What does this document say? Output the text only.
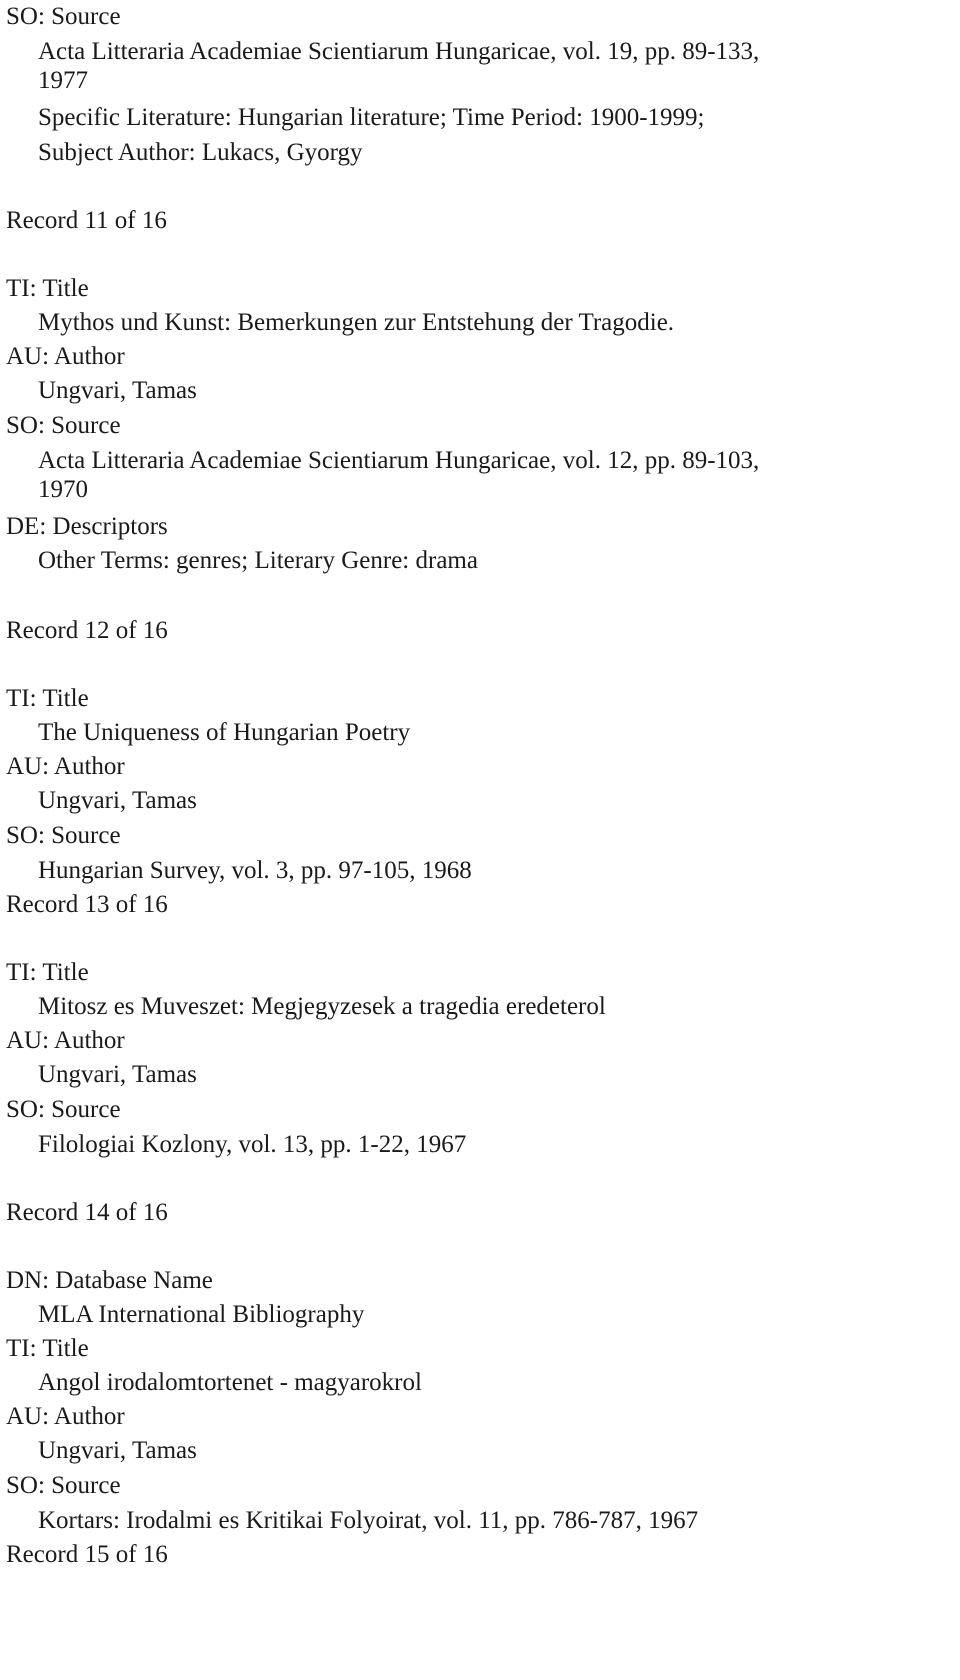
SO: Source
Acta Litteraria Academiae Scientiarum Hungaricae, vol. 19, pp. 89-133,
1977
Specific Literature: Hungarian literature; Time Period: 1900-1999;
Subject Author: Lukacs, Gyorgy
Record 11 of 16
TI: Title
Mythos und Kunst: Bemerkungen zur Entstehung der Tragodie.
AU: Author
Ungvari, Tamas
SO: Source
Acta Litteraria Academiae Scientiarum Hungaricae, vol. 12, pp. 89-103,
1970
DE: Descriptors
Other Terms: genres; Literary Genre: drama
Record 12 of 16
TI: Title
The Uniqueness of Hungarian Poetry
AU: Author
Ungvari, Tamas
SO: Source
Hungarian Survey, vol. 3, pp. 97-105, 1968
Record 13 of 16
TI: Title
Mitosz es Muveszet: Megjegyzesek a tragedia eredeterol
AU: Author
Ungvari, Tamas
SO: Source
Filologiai Kozlony, vol. 13, pp. 1-22, 1967
Record 14 of 16
DN: Database Name
MLA International Bibliography
TI: Title
Angol irodalomtortenet - magyarokrol
AU: Author
Ungvari, Tamas
SO: Source
Kortars: Irodalmi es Kritikai Folyoirat, vol. 11, pp. 786-787, 1967
Record 15 of 16
